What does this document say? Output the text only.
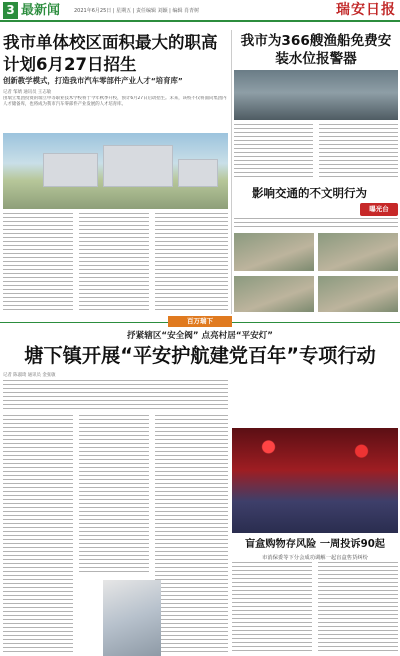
3 最新闻	2021年6月25日 | 星期五 | 责任编辑 刘颖 | 编辑 肖青树	瑞安日报
我市单体校区面积最大的职高计划6月27日招生
创新教学模式，打造我市汽车零部件产业人才“培育库”
记者 邹婧 通讯员 王志敏
由瑞立集团投资的瑞立申等职业技术学校将于今年秋季开校，预计6月27日启动招生。未来，该校不仅将面向集团内人才储备库，也将成为我市汽车零部件产业发展的人才培育库。
我市为366艘渔船免费安装水位报警器
影响交通的不文明行为
曝光台
百万瑞下
抒紧辖区“安全阀” 点亮村居“平安灯”
塘下镇开展“平安护航建党百年”专项行动
记者 陈淑琦 通讯员 金张敏
盲盒购物存风险 一周投诉90起
市消保委等下分会成功调解一起盲盒售货纠纷
